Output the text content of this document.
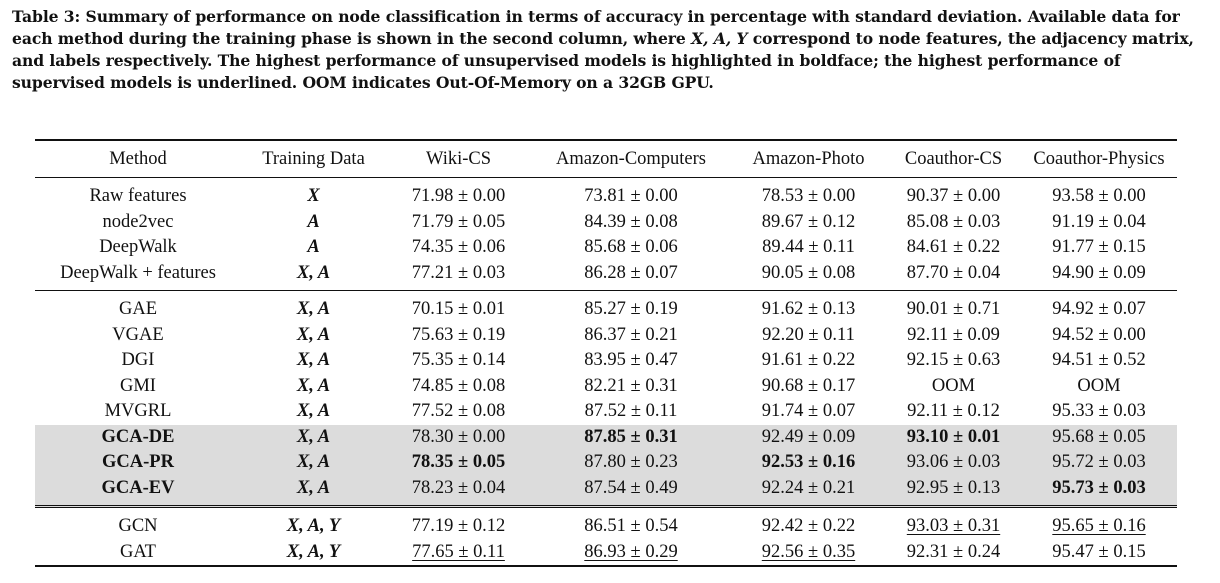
Table 3: Summary of performance on node classification in terms of accuracy in percentage with standard deviation. Available data for each method during the training phase is shown in the second column, where X, A, Y correspond to node features, the adjacency matrix, and labels respectively. The highest performance of unsupervised models is highlighted in boldface; the highest performance of supervised models is underlined. OOM indicates Out-Of-Memory on a 32GB GPU.
Method	Training Data	Wiki-CS	Amazon-Computers	Amazon-Photo	Coauthor-CS	Coauthor-Physics
Raw features	X	71.98 ± 0.00	73.81 ± 0.00	78.53 ± 0.00	90.37 ± 0.00	93.58 ± 0.00
node2vec	A	71.79 ± 0.05	84.39 ± 0.08	89.67 ± 0.12	85.08 ± 0.03	91.19 ± 0.04
DeepWalk	A	74.35 ± 0.06	85.68 ± 0.06	89.44 ± 0.11	84.61 ± 0.22	91.77 ± 0.15
DeepWalk + features	X, A	77.21 ± 0.03	86.28 ± 0.07	90.05 ± 0.08	87.70 ± 0.04	94.90 ± 0.09
GAE	X, A	70.15 ± 0.01	85.27 ± 0.19	91.62 ± 0.13	90.01 ± 0.71	94.92 ± 0.07
VGAE	X, A	75.63 ± 0.19	86.37 ± 0.21	92.20 ± 0.11	92.11 ± 0.09	94.52 ± 0.00
DGI	X, A	75.35 ± 0.14	83.95 ± 0.47	91.61 ± 0.22	92.15 ± 0.63	94.51 ± 0.52
GMI	X, A	74.85 ± 0.08	82.21 ± 0.31	90.68 ± 0.17	OOM	OOM
MVGRL	X, A	77.52 ± 0.08	87.52 ± 0.11	91.74 ± 0.07	92.11 ± 0.12	95.33 ± 0.03
GCA-DE	X, A	78.30 ± 0.00	87.85 ± 0.31	92.49 ± 0.09	93.10 ± 0.01	95.68 ± 0.05
GCA-PR	X, A	78.35 ± 0.05	87.80 ± 0.23	92.53 ± 0.16	93.06 ± 0.03	95.72 ± 0.03
GCA-EV	X, A	78.23 ± 0.04	87.54 ± 0.49	92.24 ± 0.21	92.95 ± 0.13	95.73 ± 0.03
GCN	X, A, Y	77.19 ± 0.12	86.51 ± 0.54	92.42 ± 0.22	93.03 ± 0.31	95.65 ± 0.16
GAT	X, A, Y	77.65 ± 0.11	86.93 ± 0.29	92.56 ± 0.35	92.31 ± 0.24	95.47 ± 0.15
